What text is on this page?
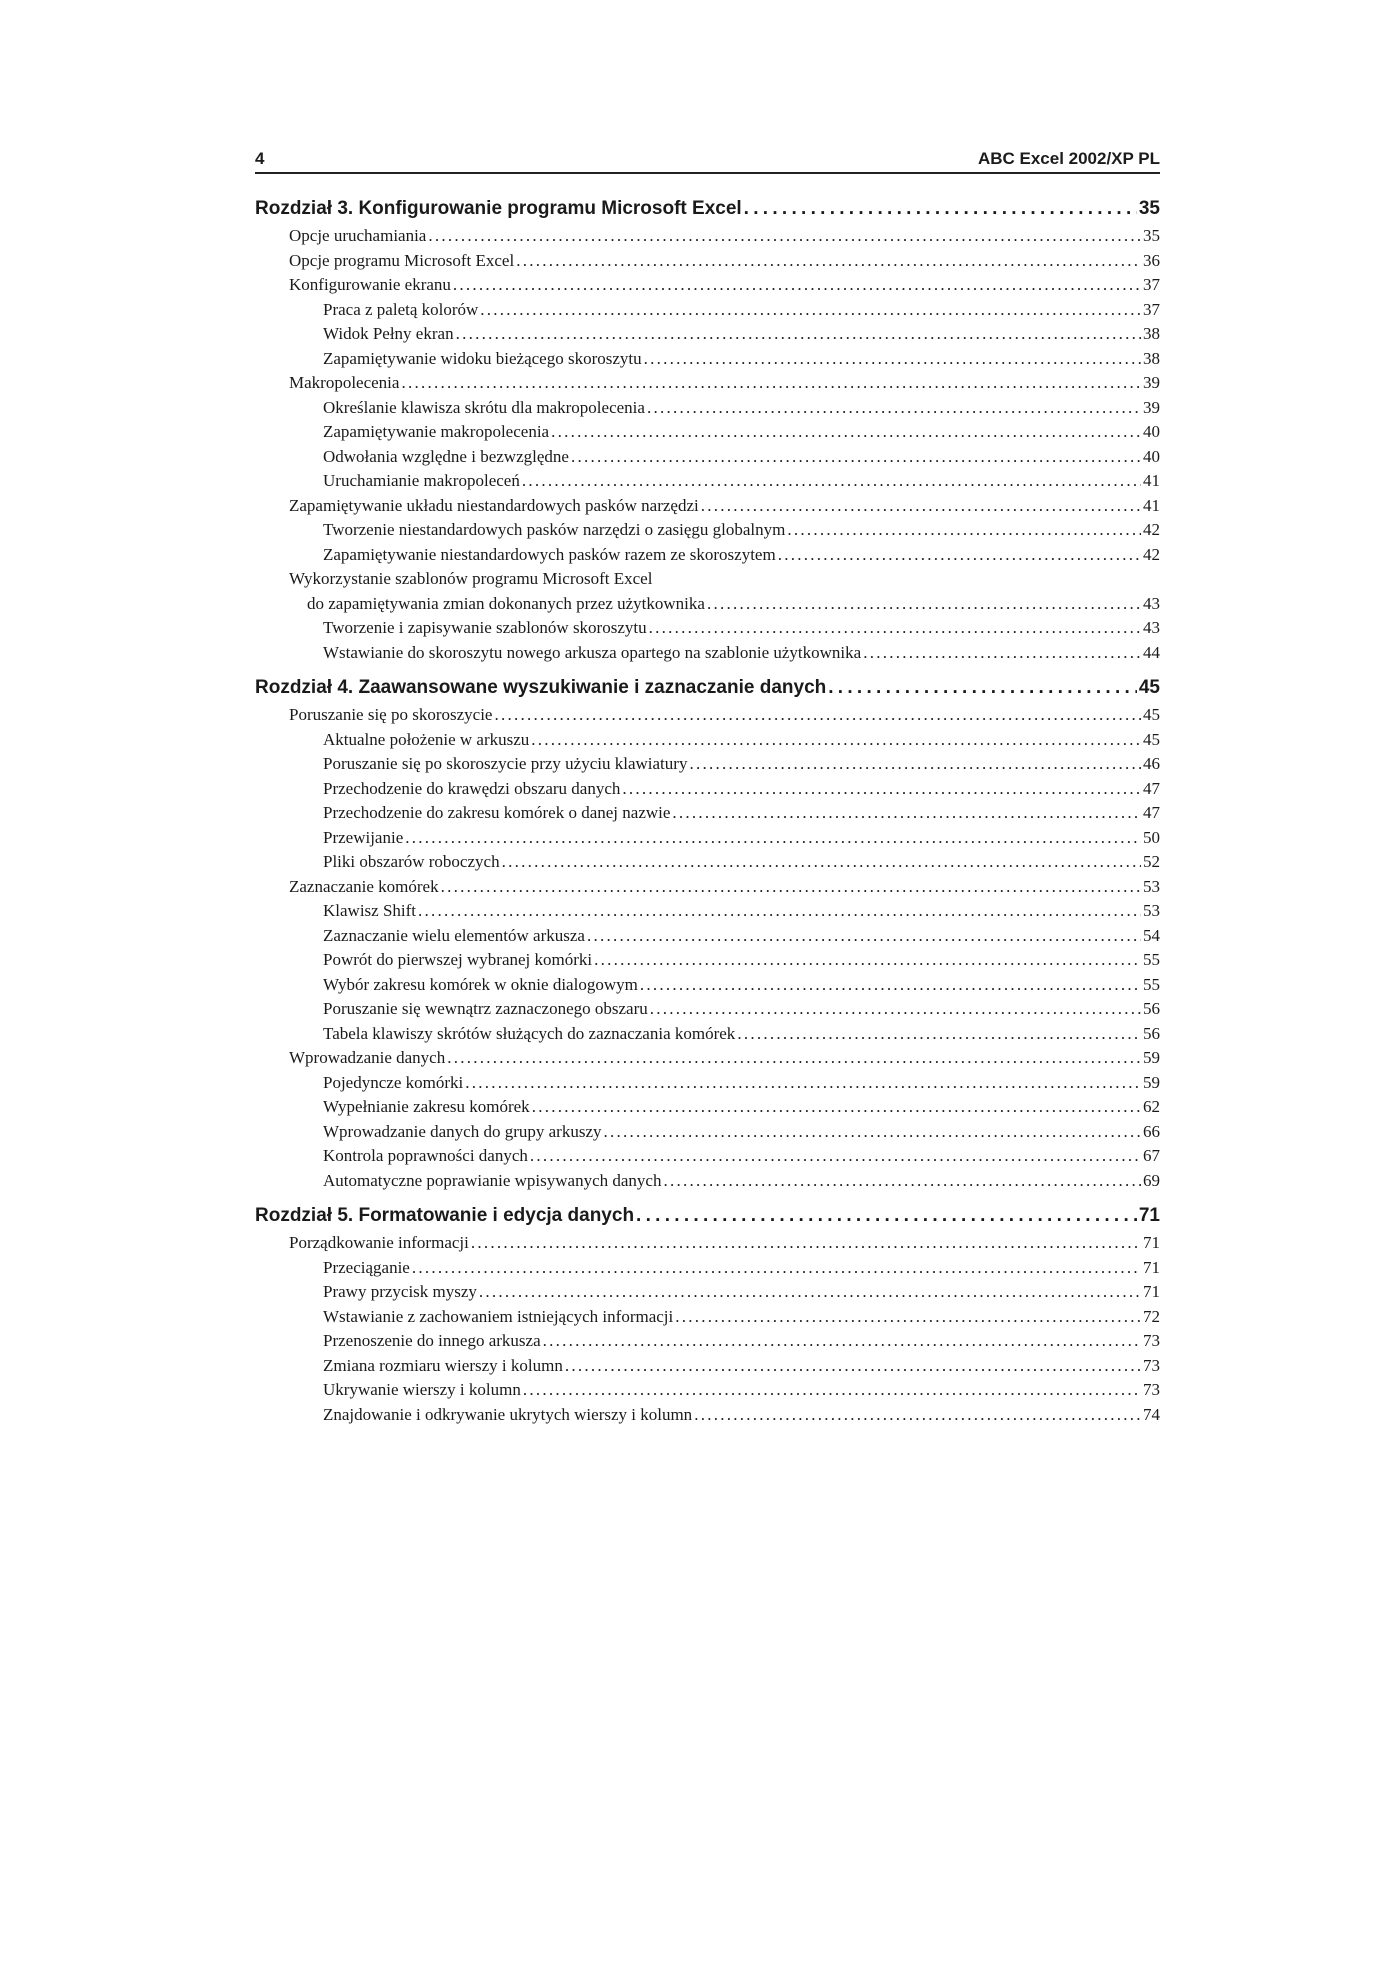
4	ABC Excel 2002/XP PL
Rozdział 3. Konfigurowanie programu Microsoft Excel . . .	35
Opcje uruchamiania . . .	35
Opcje programu Microsoft Excel . . .	36
Konfigurowanie ekranu . . .	37
Praca z paletą kolorów . . .	37
Widok Pełny ekran . . .	38
Zapamiętywanie widoku bieżącego skoroszytu . . .	38
Makropolecenia . . .	39
Określanie klawisza skrótu dla makropolecenia . . .	39
Zapamiętywanie makropolecenia . . .	40
Odwołania względne i bezwzględne . . .	40
Uruchamianie makropoleceń . . .	41
Zapamiętywanie układu niestandardowych pasków narzędzi . . .	41
Tworzenie niestandardowych pasków narzędzi o zasięgu globalnym . . .	42
Zapamiętywanie niestandardowych pasków razem ze skoroszytem . . .	42
Wykorzystanie szablonów programu Microsoft Excel
do zapamiętywania zmian dokonanych przez użytkownika . . .	43
Tworzenie i zapisywanie szablonów skoroszytu . . .	43
Wstawianie do skoroszytu nowego arkusza opartego na szablonie użytkownika . . .	44
Rozdział 4. Zaawansowane wyszukiwanie i zaznaczanie danych . . .	45
Poruszanie się po skoroszycie . . .	45
Aktualne położenie w arkuszu . . .	45
Poruszanie się po skoroszycie przy użyciu klawiatury . . .	46
Przechodzenie do krawędzi obszaru danych . . .	47
Przechodzenie do zakresu komórek o danej nazwie . . .	47
Przewijanie . . .	50
Pliki obszarów roboczych . . .	52
Zaznaczanie komórek . . .	53
Klawisz Shift . . .	53
Zaznaczanie wielu elementów arkusza . . .	54
Powrót do pierwszej wybranej komórki . . .	55
Wybór zakresu komórek w oknie dialogowym . . .	55
Poruszanie się wewnątrz zaznaczonego obszaru . . .	56
Tabela klawiszy skrótów służących do zaznaczania komórek . . .	56
Wprowadzanie danych . . .	59
Pojedyncze komórki . . .	59
Wypełnianie zakresu komórek . . .	62
Wprowadzanie danych do grupy arkuszy . . .	66
Kontrola poprawności danych . . .	67
Automatyczne poprawianie wpisywanych danych . . .	69
Rozdział 5. Formatowanie i edycja danych . . .	71
Porządkowanie informacji . . .	71
Przeciąganie . . .	71
Prawy przycisk myszy . . .	71
Wstawianie z zachowaniem istniejących informacji . . .	72
Przenoszenie do innego arkusza . . .	73
Zmiana rozmiaru wierszy i kolumn . . .	73
Ukrywanie wierszy i kolumn . . .	73
Znajdowanie i odkrywanie ukrytych wierszy i kolumn . . .	74
